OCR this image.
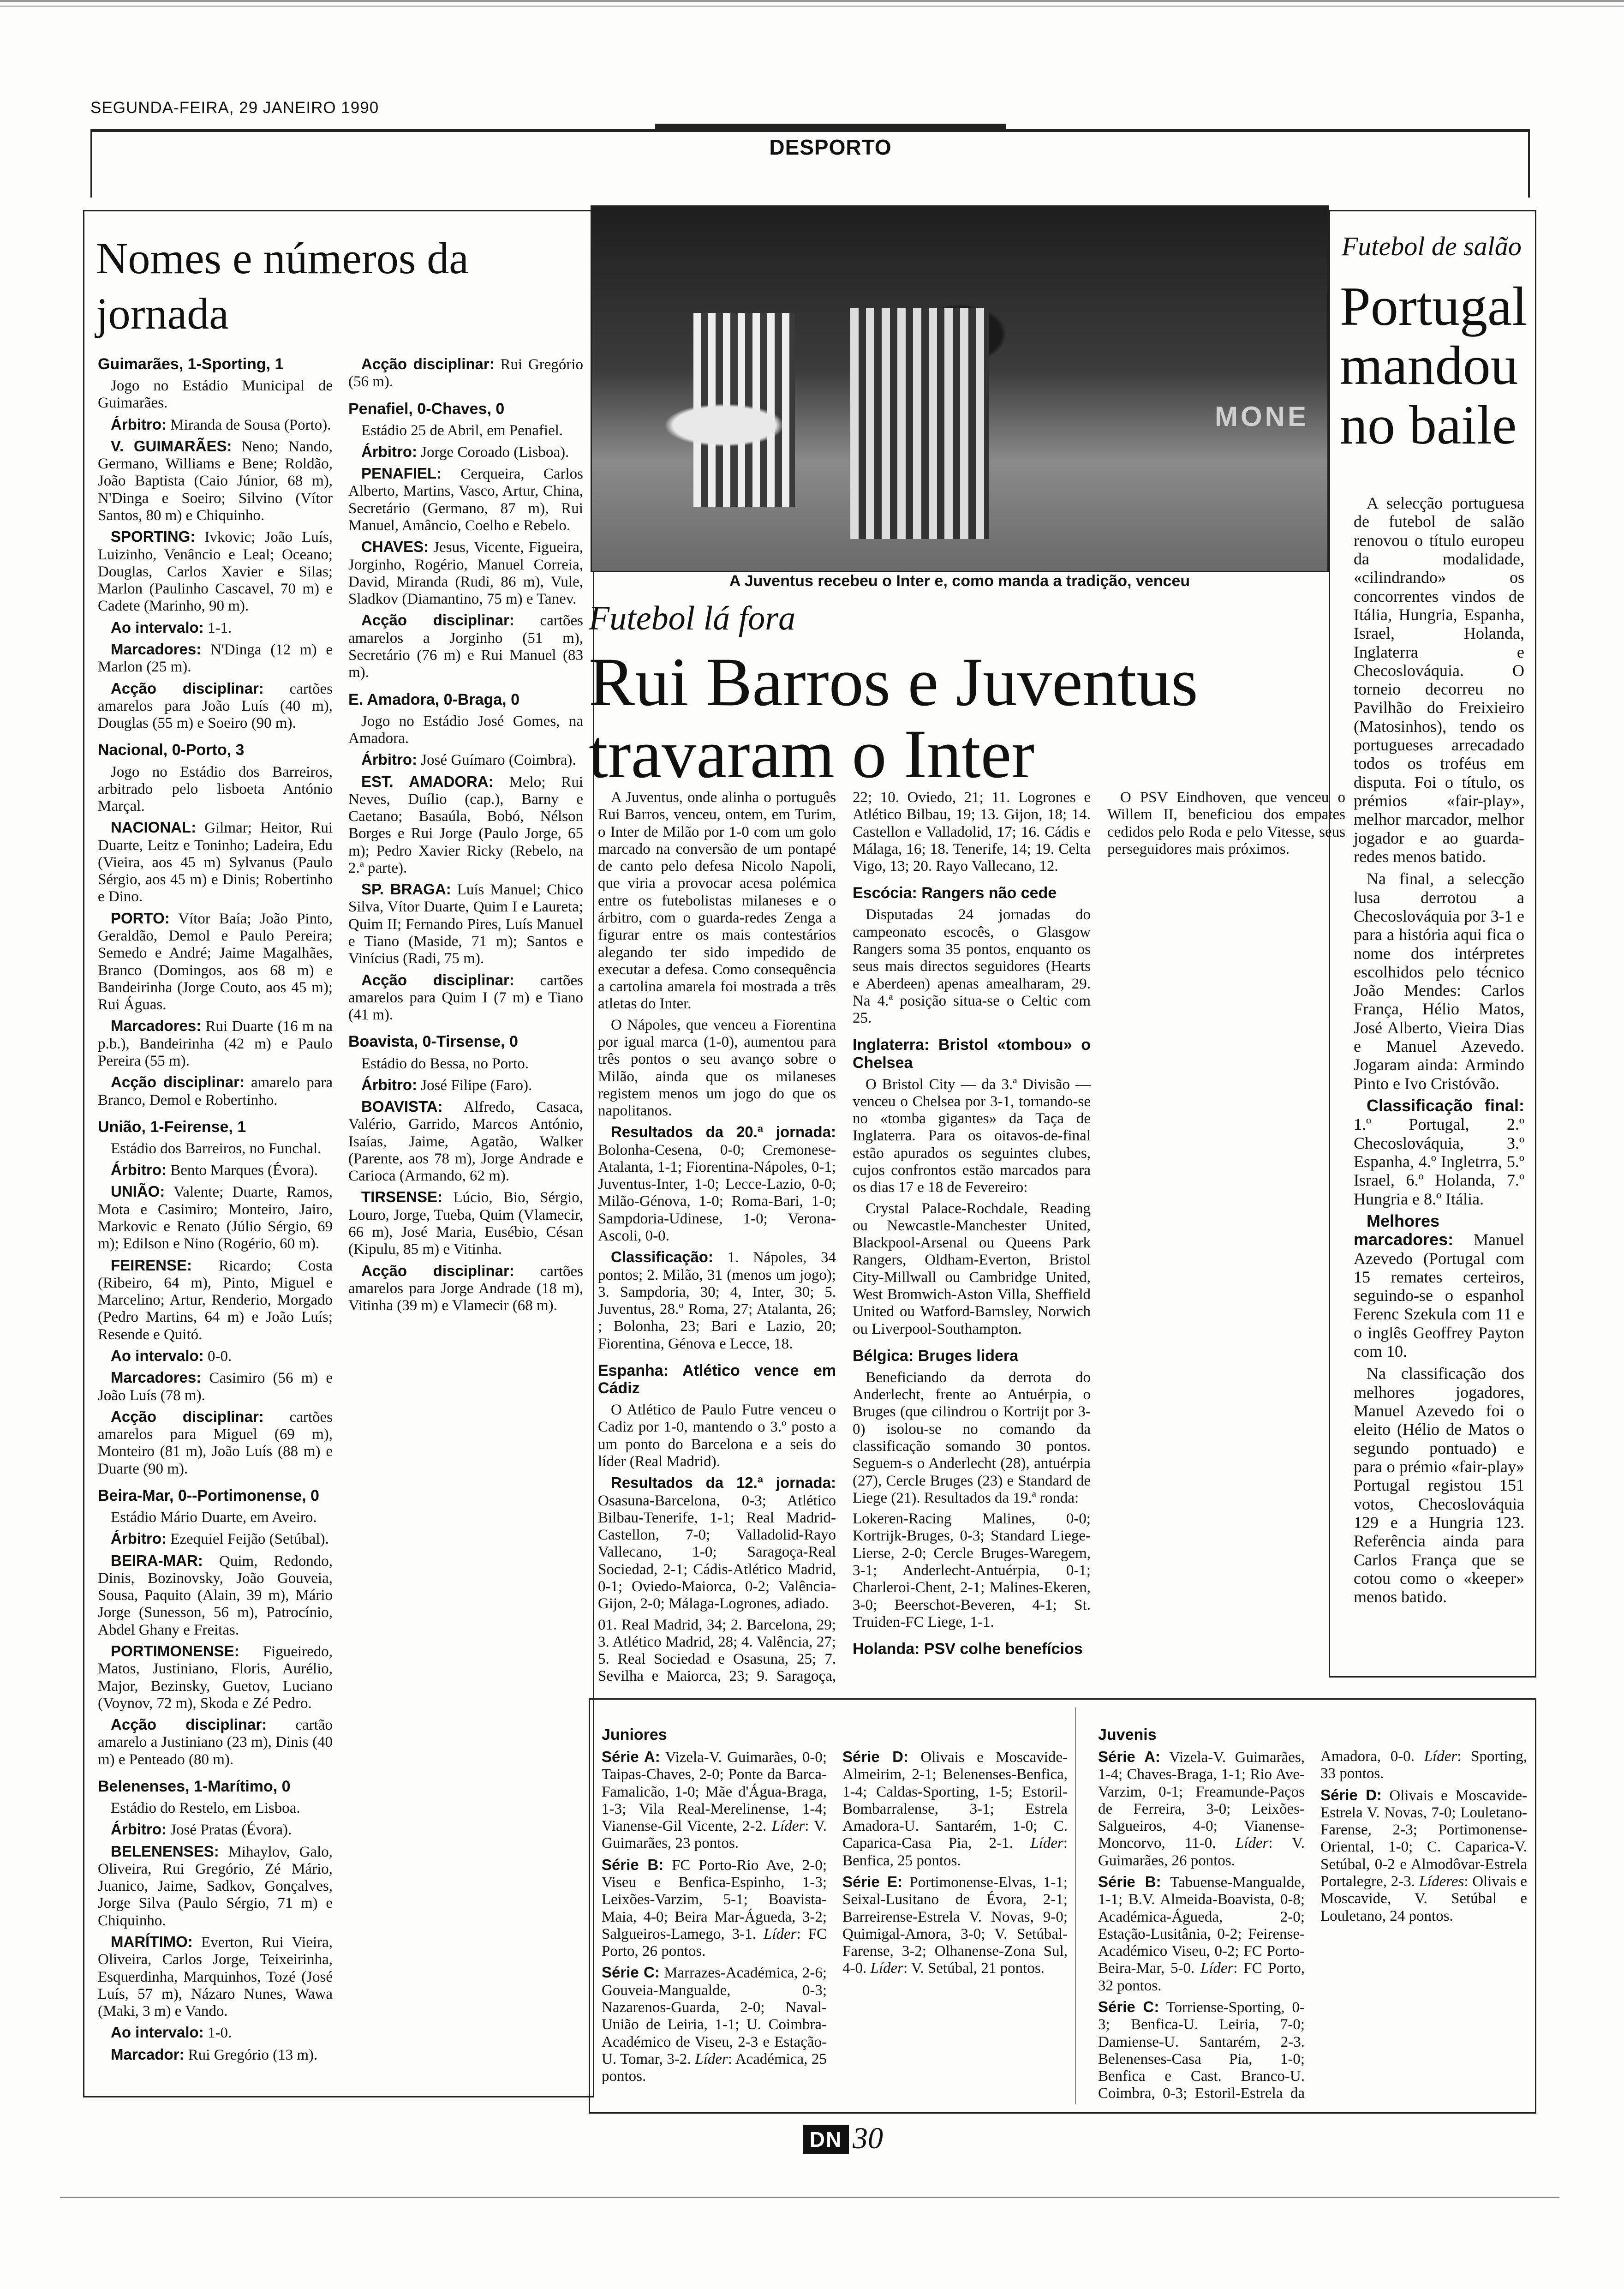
SEGUNDA-FEIRA, 29 JANEIRO 1990
DESPORTO
Nomes e números da jornada
Guimarães, 1-Sporting, 1

Jogo no Estádio Municipal de Guimarães.

Árbitro: Miranda de Sousa (Porto).

V. GUIMARÃES: Neno; Nando, Germano, Williams e Bene; Roldão, João Baptista (Caio Júnior, 68 m), N'Dinga e Soeiro; Silvino (Vítor Santos, 80 m) e Chiquinho.

SPORTING: Ivkovic; João Luís, Luizinho, Venâncio e Leal; Oceano; Douglas, Carlos Xavier e Silas; Marlon (Paulinho Cascavel, 70 m) e Cadete (Marinho, 90 m).

Ao intervalo: 1-1.

Marcadores: N'Dinga (12 m) e Marlon (25 m).

Acção disciplinar: cartões amarelos para João Luís (40 m), Douglas (55 m) e Soeiro (90 m).

Nacional, 0-Porto, 3

Jogo no Estádio dos Barreiros, arbitrado pelo lisboeta António Marçal.

NACIONAL: Gilmar; Heitor, Rui Duarte, Leitz e Toninho; Ladeira, Edu (Vieira, aos 45 m) Sylvanus (Paulo Sérgio, aos 45 m) e Dinis; Robertinho e Dino.

PORTO: Vítor Baía; João Pinto, Geraldão, Demol e Paulo Pereira; Semedo e André; Jaime Magalhães, Branco (Domingos, aos 68 m) e Bandeirinha (Jorge Couto, aos 45 m); Rui Águas.

Marcadores: Rui Duarte (16 m na p.b.), Bandeirinha (42 m) e Paulo Pereira (55 m).

Acção disciplinar: amarelo para Branco, Demol e Robertinho.

União, 1-Feirense, 1

Estádio dos Barreiros, no Funchal.

Árbitro: Bento Marques (Évora).

UNIÃO: Valente; Duarte, Ramos, Mota e Casimiro; Monteiro, Jairo, Markovic e Renato (Júlio Sérgio, 69 m); Edilson e Nino (Rogério, 60 m).

FEIRENSE: Ricardo; Costa (Ribeiro, 64 m), Pinto, Miguel e Marcelino; Artur, Renderio, Morgado (Pedro Martins, 64 m) e João Luís; Resende e Quitó.

Ao intervalo: 0-0.

Marcadores: Casimiro (56 m) e João Luís (78 m).

Acção disciplinar: cartões amarelos para Miguel (69 m), Monteiro (81 m), João Luís (88 m) e Duarte (90 m).

Beira-Mar, 0--Portimonense, 0

Estádio Mário Duarte, em Aveiro.

Árbitro: Ezequiel Feijão (Setúbal).

BEIRA-MAR: Quim, Redondo, Dinis, Bozinovsky, João Gouveia, Sousa, Paquito (Alain, 39 m), Mário Jorge (Sunesson, 56 m), Patrocínio, Abdel Ghany e Freitas.

PORTIMONENSE: Figueiredo, Matos, Justiniano, Floris, Aurélio, Major, Bezinsky, Guetov, Luciano (Voynov, 72 m), Skoda e Zé Pedro.

Acção disciplinar: cartão amarelo a Justiniano (23 m), Dinis (40 m) e Penteado (80 m).

Belenenses, 1-Marítimo, 0

Estádio do Restelo, em Lisboa.

Árbitro: José Pratas (Évora).

BELENENSES: Mihaylov, Galo, Oliveira, Rui Gregório, Zé Mário, Juanico, Jaime, Sadkov, Gonçalves, Jorge Silva (Paulo Sérgio, 71 m) e Chiquinho.

MARÍTIMO: Everton, Rui Vieira, Oliveira, Carlos Jorge, Teixeirinha, Esquerdinha, Marquinhos, Tozé (José Luís, 57 m), Názaro Nunes, Wawa (Maki, 3 m) e Vando.

Ao intervalo: 1-0.

Marcador: Rui Gregório (13 m).

Acção disciplinar: Rui Gregório (56 m).

Penafiel, 0-Chaves, 0

Estádio 25 de Abril, em Penafiel.

Árbitro: Jorge Coroado (Lisboa).

PENAFIEL: Cerqueira, Carlos Alberto, Martins, Vasco, Artur, China, Secretário (Germano, 87 m), Rui Manuel, Amâncio, Coelho e Rebelo.

CHAVES: Jesus, Vicente, Figueira, Jorginho, Rogério, Manuel Correia, David, Miranda (Rudi, 86 m), Vule, Sladkov (Diamantino, 75 m) e Tanev.

Acção disciplinar: cartões amarelos a Jorginho (51 m), Secretário (76 m) e Rui Manuel (83 m).

E. Amadora, 0-Braga, 0

Jogo no Estádio José Gomes, na Amadora.

Árbitro: José Guímaro (Coimbra).

EST. AMADORA: Melo; Rui Neves, Duílio (cap.), Barny e Caetano; Basaúla, Bobó, Nélson Borges e Rui Jorge (Paulo Jorge, 65 m); Pedro Xavier Ricky (Rebelo, na 2.ª parte).

SP. BRAGA: Luís Manuel; Chico Silva, Vítor Duarte, Quim I e Laureta; Quim II; Fernando Pires, Luís Manuel e Tiano (Maside, 71 m); Santos e Vinícius (Radi, 75 m).

Acção disciplinar: cartões amarelos para Quim I (7 m) e Tiano (41 m).

Boavista, 0-Tirsense, 0

Estádio do Bessa, no Porto.

Árbitro: José Filipe (Faro).

BOAVISTA: Alfredo, Casaca, Valério, Garrido, Marcos António, Isaías, Jaime, Agatão, Walker (Parente, aos 78 m), Jorge Andrade e Carioca (Armando, 62 m).

TIRSENSE: Lúcio, Bio, Sérgio, Louro, Jorge, Tueba, Quim (Vlamecir, 66 m), José Maria, Eusébio, Césan (Kipulu, 85 m) e Vitinha.

Acção disciplinar: cartões amarelos para Jorge Andrade (18 m), Vitinha (39 m) e Vlamecir (68 m).

MONE
A Juventus recebeu o Inter e, como manda a tradição, venceu
Futebol lá fora
Rui Barros e Juventus travaram o Inter

A Juventus, onde alinha o português Rui Barros, venceu, ontem, em Turim, o Inter de Milão por 1-0 com um golo marcado na conversão de um pontapé de canto pelo defesa Nicolo Napoli, que viria a provocar acesa polémica entre os futebolistas milaneses e o árbitro, com o guarda-redes Zenga a figurar entre os mais contestários alegando ter sido impedido de executar a defesa. Como consequência a cartolina amarela foi mostrada a três atletas do Inter.

O Nápoles, que venceu a Fiorentina por igual marca (1-0), aumentou para três pontos o seu avanço sobre o Milão, ainda que os milaneses registem menos um jogo do que os napolitanos.

Resultados da 20.ª jornada: Bolonha-Cesena, 0-0; Cremonese-Atalanta, 1-1; Fiorentina-Nápoles, 0-1; Juventus-Inter, 1-0; Lecce-Lazio, 0-0; Milão-Génova, 1-0; Roma-Bari, 1-0; Sampdoria-Udinese, 1-0; Verona-Ascoli, 0-0.

Classificação: 1. Nápoles, 34 pontos; 2. Milão, 31 (menos um jogo); 3. Sampdoria, 30; 4, Inter, 30; 5. Juventus, 28.º Roma, 27; Atalanta, 26; ; Bolonha, 23; Bari e Lazio, 20; Fiorentina, Génova e Lecce, 18.

Espanha: Atlético vence em Cádiz

O Atlético de Paulo Futre venceu o Cadiz por 1-0, mantendo o 3.º posto a um ponto do Barcelona e a seis do líder (Real Madrid).

Resultados da 12.ª jornada: Osasuna-Barcelona, 0-3; Atlético Bilbau-Tenerife, 1-1; Real Madrid-Castellon, 7-0; Valladolid-Rayo Vallecano, 1-0; Saragoça-Real Sociedad, 2-1; Cádis-Atlético Madrid, 0-1; Oviedo-Maiorca, 0-2; Valência-Gijon, 2-0; Málaga-Logrones, adiado.

01. Real Madrid, 34; 2. Barcelona, 29; 3. Atlético Madrid, 28; 4. Valência, 27; 5. Real Sociedad e Osasuna, 25; 7. Sevilha e Maiorca, 23; 9. Saragoça, 22; 10. Oviedo, 21; 11. Logrones e Atlético Bilbau, 19; 13. Gijon, 18; 14. Castellon e Valladolid, 17; 16. Cádis e Málaga, 16; 18. Tenerife, 14; 19. Celta Vigo, 13; 20. Rayo Vallecano, 12.

Escócia: Rangers não cede

Disputadas 24 jornadas do campeonato escocês, o Glasgow Rangers soma 35 pontos, enquanto os seus mais directos seguidores (Hearts e Aberdeen) apenas amealharam, 29. Na 4.ª posição situa-se o Celtic com 25.

Inglaterra: Bristol «tombou» o Chelsea

O Bristol City — da 3.ª Divisão — venceu o Chelsea por 3-1, tornando-se no «tomba gigantes» da Taça de Inglaterra. Para os oitavos-de-final estão apurados os seguintes clubes, cujos confrontos estão marcados para os dias 17 e 18 de Fevereiro:

Crystal Palace-Rochdale, Reading ou Newcastle-Manchester United, Blackpool-Arsenal ou Queens Park Rangers, Oldham-Everton, Bristol City-Millwall ou Cambridge United, West Bromwich-Aston Villa, Sheffield United ou Watford-Barnsley, Norwich ou Liverpool-Southampton.

Bélgica: Bruges lidera

Beneficiando da derrota do Anderlecht, frente ao Antuérpia, o Bruges (que cilindrou o Kortrijt por 3-0) isolou-se no comando da classificação somando 30 pontos. Seguem-s o Anderlecht (28), antuérpia (27), Cercle Bruges (23) e Standard de Liege (21). Resultados da 19.ª ronda:

Lokeren-Racing Malines, 0-0; Kortrijk-Bruges, 0-3; Standard Liege-Lierse, 2-0; Cercle Bruges-Waregem, 3-1; Anderlecht-Antuérpia, 0-1; Charleroi-Chent, 2-1; Malines-Ekeren, 3-0; Beerschot-Beveren, 4-1; St. Truiden-FC Liege, 1-1.

Holanda: PSV colhe benefícios

O PSV Eindhoven, que venceu o Willem II, beneficiou dos empates cedidos pelo Roda e pelo Vitesse, seus perseguidores mais próximos.

Futebol de salão
Portugal mandou no baile

A selecção portuguesa de futebol de salão renovou o título europeu da modalidade, «cilindrando» os concorrentes vindos de Itália, Hungria, Espanha, Israel, Holanda, Inglaterra e Checoslováquia. O torneio decorreu no Pavilhão do Freixieiro (Matosinhos), tendo os portugueses arrecadado todos os troféus em disputa. Foi o título, os prémios «fair-play», melhor marcador, melhor jogador e ao guarda-redes menos batido.

Na final, a selecção lusa derrotou a Checoslováquia por 3-1 e para a história aqui fica o nome dos intérpretes escolhidos pelo técnico João Mendes: Carlos França, Hélio Matos, José Alberto, Vieira Dias e Manuel Azevedo. Jogaram ainda: Armindo Pinto e Ivo Cristóvão.

Classificação final: 1.º Portugal, 2.º Checoslováquia, 3.º Espanha, 4.º Ingletrra, 5.º Israel, 6.º Holanda, 7.º Hungria e 8.º Itália.

Melhores marcadores: Manuel Azevedo (Portugal com 15 remates certeiros, seguindo-se o espanhol Ferenc Szekula com 11 e o inglês Geoffrey Payton com 10.

Na classificação dos melhores jogadores, Manuel Azevedo foi o eleito (Hélio de Matos o segundo pontuado) e para o prémio «fair-play» Portugal registou 151 votos, Checoslováquia 129 e a Hungria 123. Referência ainda para Carlos França que se cotou como o «keeper» menos batido.

Juniores

Série A: Vizela-V. Guimarães, 0-0; Taipas-Chaves, 2-0; Ponte da Barca-Famalicão, 1-0; Mãe d'Água-Braga, 1-3; Vila Real-Merelinense, 1-4; Vianense-Gil Vicente, 2-2. Líder: V. Guimarães, 23 pontos.

Série B: FC Porto-Rio Ave, 2-0; Viseu e Benfica-Espinho, 1-3; Leixões-Varzim, 5-1; Boavista-Maia, 4-0; Beira Mar-Águeda, 3-2; Salgueiros-Lamego, 3-1. Líder: FC Porto, 26 pontos.

Série C: Marrazes-Académica, 2-6; Gouveia-Mangualde, 0-3; Nazarenos-Guarda, 2-0; Naval-União de Leiria, 1-1; U. Coimbra-Académico de Viseu, 2-3 e Estação-U. Tomar, 3-2. Líder: Académica, 25 pontos.

Série D: Olivais e Moscavide-Almeirim, 2-1; Belenenses-Benfica, 1-4; Caldas-Sporting, 1-5; Estoril-Bombarralense, 3-1; Estrela Amadora-U. Santarém, 1-0; C. Caparica-Casa Pia, 2-1. Líder: Benfica, 25 pontos.

Série E: Portimonense-Elvas, 1-1; Seixal-Lusitano de Évora, 2-1; Barreirense-Estrela V. Novas, 9-0; Quimigal-Amora, 3-0; V. Setúbal-Farense, 3-2; Olhanense-Zona Sul, 4-0. Líder: V. Setúbal, 21 pontos.

Juvenis

Série A: Vizela-V. Guimarães, 1-4; Chaves-Braga, 1-1; Rio Ave-Varzim, 0-1; Freamunde-Paços de Ferreira, 3-0; Leixões-Salgueiros, 4-0; Vianense-Moncorvo, 11-0. Líder: V. Guimarães, 26 pontos.

Série B: Tabuense-Mangualde, 1-1; B.V. Almeida-Boavista, 0-8; Académica-Águeda, 2-0; Estação-Lusitânia, 0-2; Feirense-Académico Viseu, 0-2; FC Porto-Beira-Mar, 5-0. Líder: FC Porto, 32 pontos.

Série C: Torriense-Sporting, 0-3; Benfica-U. Leiria, 7-0; Damiense-U. Santarém, 2-3. Belenenses-Casa Pia, 1-0; Benfica e Cast. Branco-U. Coimbra, 0-3; Estoril-Estrela da Amadora, 0-0. Líder: Sporting, 33 pontos.

Série D: Olivais e Moscavide-Estrela V. Novas, 7-0; Louletano-Farense, 2-3; Portimonense-Oriental, 1-0; C. Caparica-V. Setúbal, 0-2 e Almodôvar-Estrela Portalegre, 2-3. Líderes: Olivais e Moscavide, V. Setúbal e Louletano, 24 pontos.

DN 30
